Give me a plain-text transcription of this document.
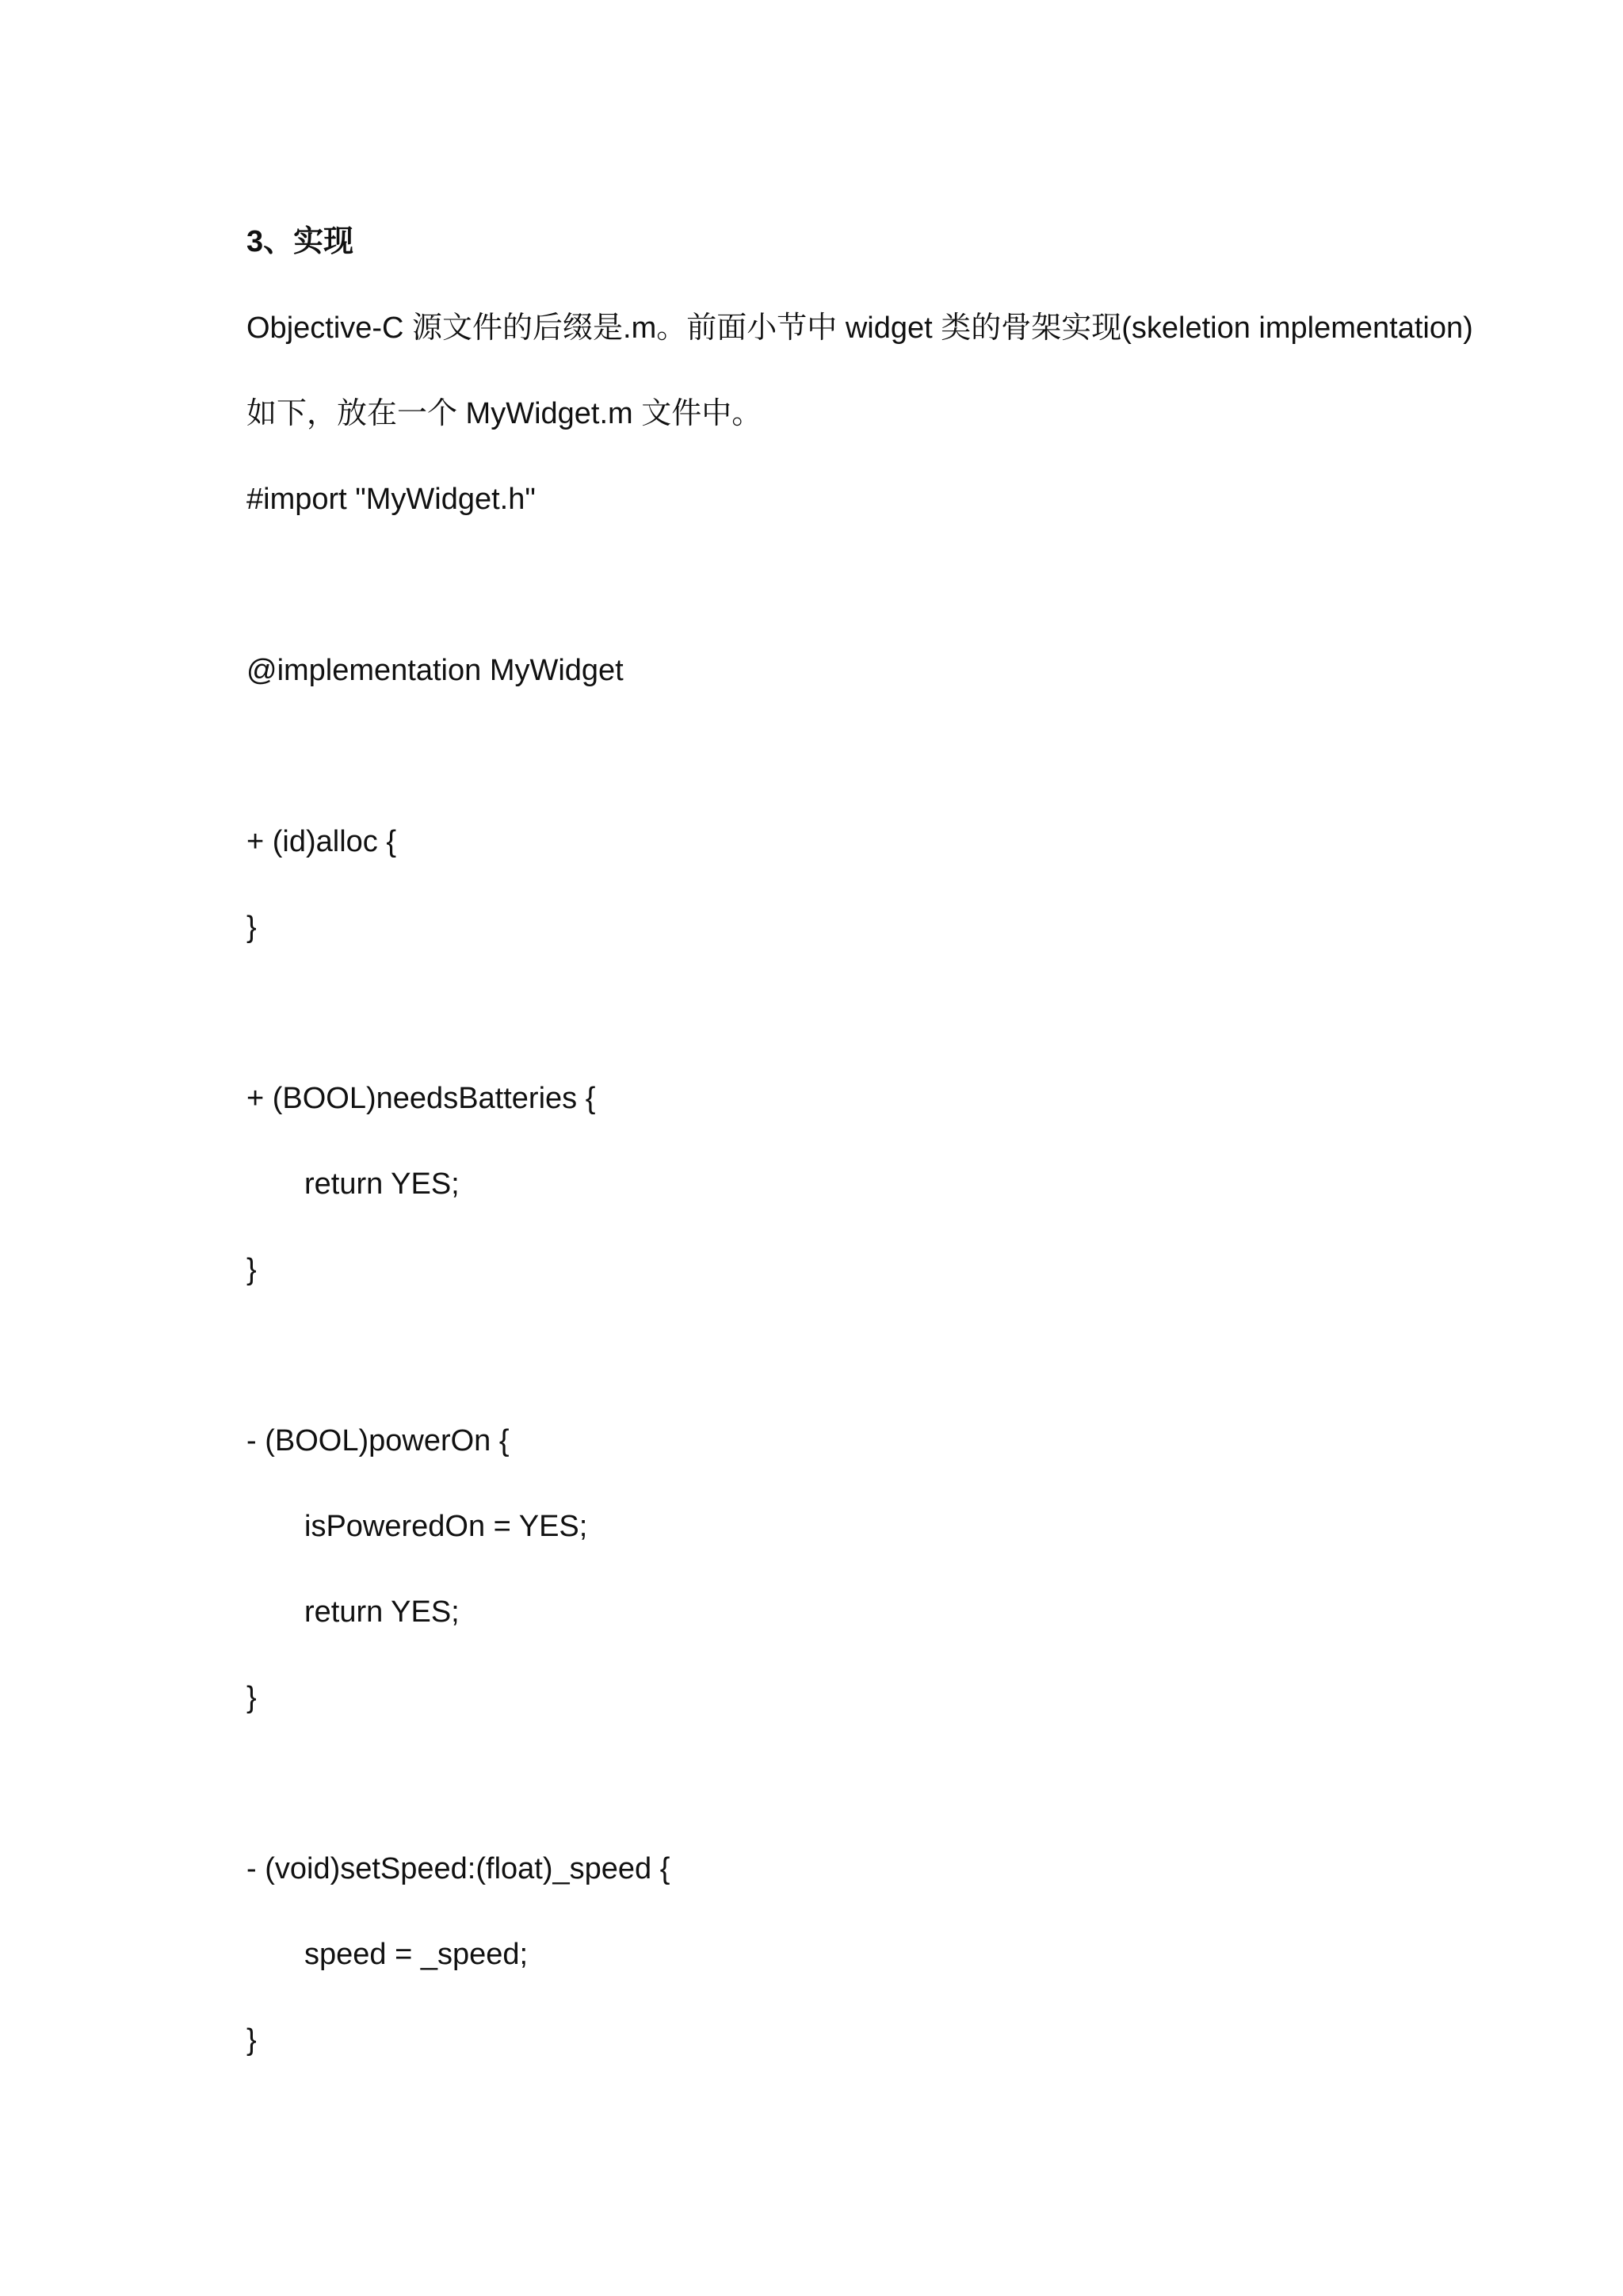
3、实现

Objective-C 源文件的后缀是.m。前面小节中 widget 类的骨架实现(skeletion implementation)

如下，放在一个 MyWidget.m 文件中。

#import "MyWidget.h"

@implementation MyWidget

+ (id)alloc {

}

+ (BOOL)needsBatteries {

return YES;

}

- (BOOL)powerOn {

isPoweredOn = YES;

return YES;

}

- (void)setSpeed:(float)_speed {

speed = _speed;

}
